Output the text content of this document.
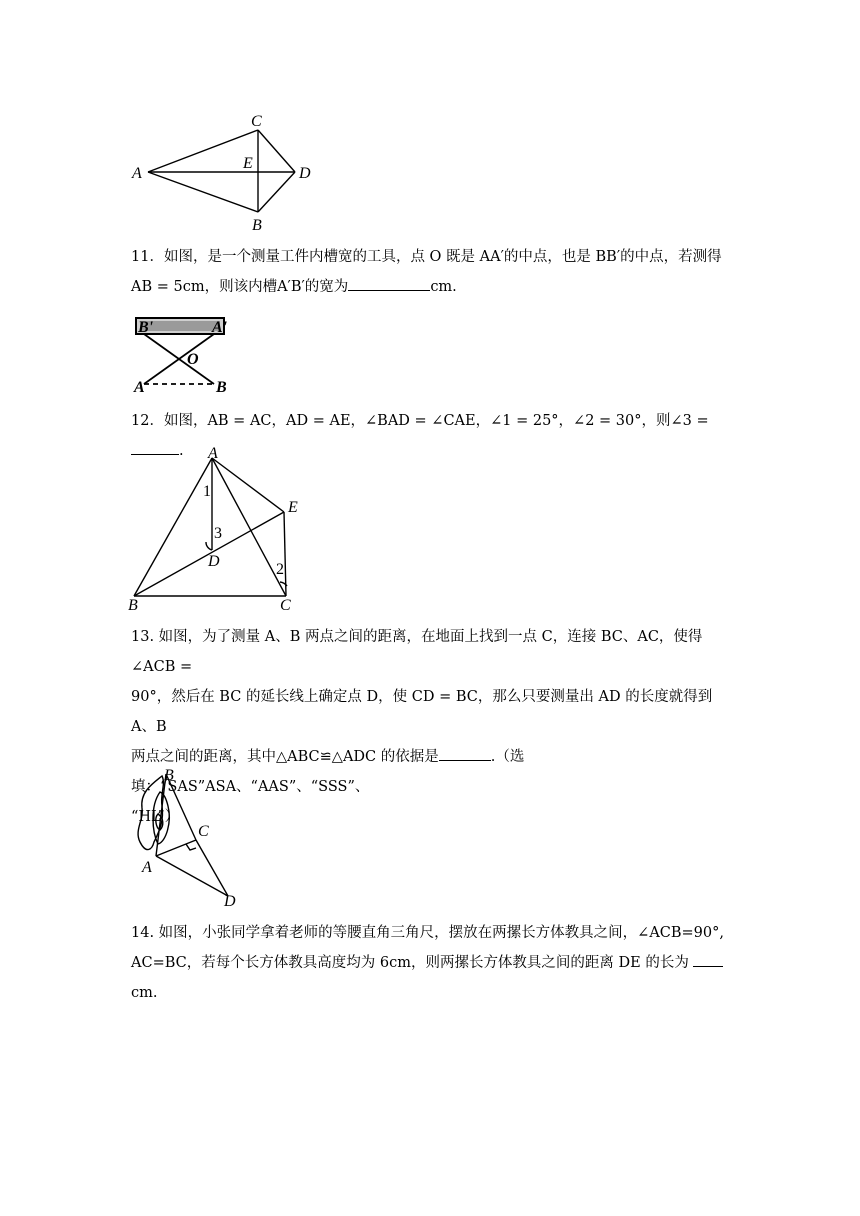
A
C
E
D
B
11．如图，是一个测量工件内槽宽的工具，点 O 既是 AA′的中点，也是 BB′的中点，若测得
AB = 5cm，则该内槽A′B′的宽为	cm.
B'	A'
O
A	B
12．如图，AB = AC，AD = AE，∠BAD = ∠CAE，∠1 = 25°，∠2 = 30°，则∠3 = .	A
1
E
3
D	2
B	C
13. 如图，为了测量 A、B 两点之间的距离，在地面上找到一点 C，连接 BC、AC，使得∠ACB =
90°，然后在 BC 的延长线上确定点 D，使 CD = BC，那么只要测量出 AD 的长度就得到 A、B
两点之间的距离，其中△ABC≌△ADC 的依据是	.（选填：“SAS”ASA、“AAS”、“SSS”、
“HL”）
B
C
A
D
14. 如图，小张同学拿着老师的等腰直角三角尺，摆放在两摞长方体教具之间，∠ACB=90°,
AC=BC，若每个长方体教具高度均为 6cm，则两摞长方体教具之间的距离 DE 的长为
cm.
